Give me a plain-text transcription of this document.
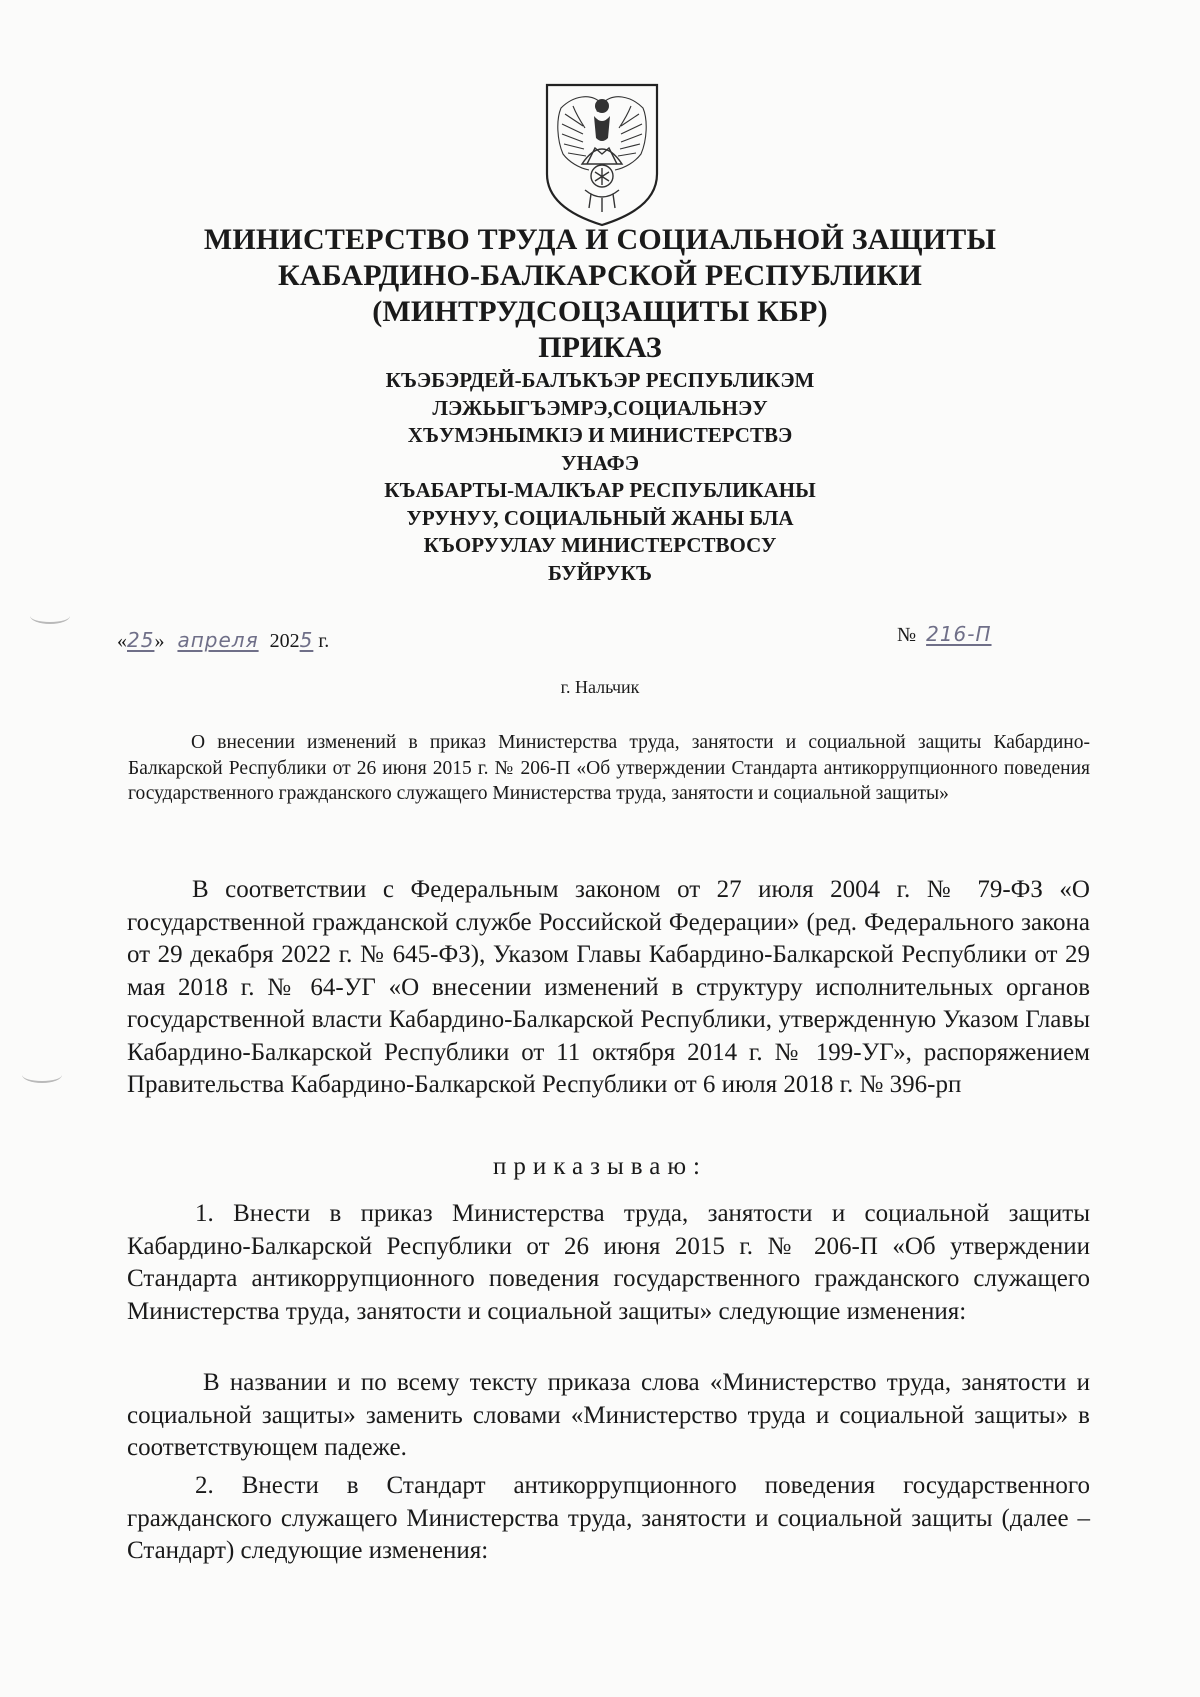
МИНИСТЕРСТВО ТРУДА И СОЦИАЛЬНОЙ ЗАЩИТЫ

КАБАРДИНО-БАЛКАРСКОЙ РЕСПУБЛИКИ

(МИНТРУДСОЦЗАЩИТЫ КБР)

ПРИКАЗ

КЪЭБЭРДЕЙ-БАЛЪКЪЭР РЕСПУБЛИКЭМ

ЛЭЖЬЫГЪЭМРЭ,СОЦИАЛЬНЭУ

ХЪУМЭНЫМКIЭ И МИНИСТЕРСТВЭ

УНАФЭ

КЪАБАРТЫ-МАЛКЪАР РЕСПУБЛИКАНЫ

УРУНУУ, СОЦИАЛЬНЫЙ ЖАНЫ БЛА

КЪОРУУЛАУ МИНИСТЕРСТВОСУ

БУЙРУКЪ

«25» апреля 2025 г.	№ 216-П
г. Нальчик

О внесении изменений в приказ Министерства труда, занятости и социальной защиты Кабардино-Балкарской Республики от 26 июня 2015 г. № 206-П «Об утверждении Стандарта антикоррупционного поведения государственного гражданского служащего Министерства труда, занятости и социальной защиты»

В соответствии с Федеральным законом от 27 июля 2004 г. № 79-ФЗ «О государственной гражданской службе Российской Федерации» (ред. Федерального закона от 29 декабря 2022 г. № 645-ФЗ), Указом Главы Кабардино-Балкарской Республики от 29 мая 2018 г. № 64-УГ «О внесении изменений в структуру исполнительных органов государственной власти Кабардино-Балкарской Республики, утвержденную Указом Главы Кабардино-Балкарской Республики от 11 октября 2014 г. № 199-УГ», распоряжением Правительства Кабардино-Балкарской Республики от 6 июля 2018 г. № 396-рп

приказываю:

1. Внести в приказ Министерства труда, занятости и социальной защиты Кабардино-Балкарской Республики от 26 июня 2015 г. № 206-П «Об утверждении Стандарта антикоррупционного поведения государственного гражданского служащего Министерства труда, занятости и социальной защиты» следующие изменения:

В названии и по всему тексту приказа слова «Министерство труда, занятости и социальной защиты» заменить словами «Министерство труда и социальной защиты» в соответствующем падеже.

2. Внести в Стандарт антикоррупционного поведения государственного гражданского служащего Министерства труда, занятости и социальной защиты (далее – Стандарт) следующие изменения:
